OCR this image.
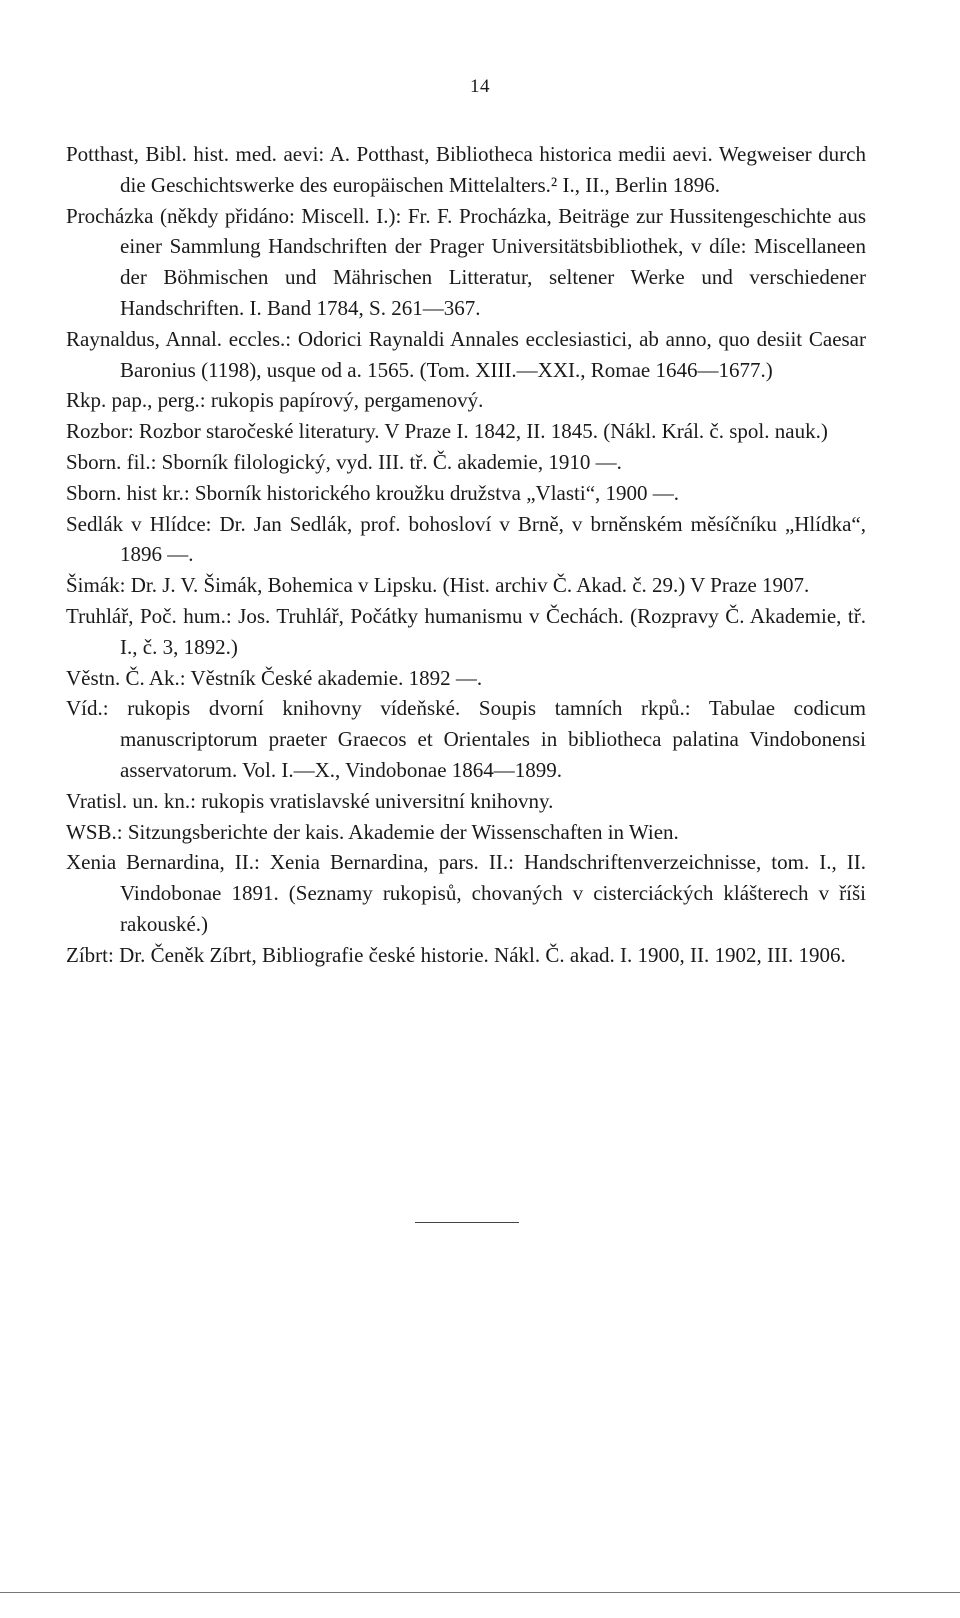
14
Potthast, Bibl. hist. med. aevi: A. Potthast, Bibliotheca historica medii aevi. Wegweiser durch die Geschichtswerke des europäischen Mittelalters.² I., II., Berlin 1896.
Procházka (někdy přidáno: Miscell. I.): Fr. F. Procházka, Beiträge zur Hussitengeschichte aus einer Sammlung Handschriften der Prager Universitätsbibliothek, v díle: Miscellaneen der Böhmischen und Mährischen Litteratur, seltener Werke und verschiedener Handschriften. I. Band 1784, S. 261—367.
Raynaldus, Annal. eccles.: Odorici Raynaldi Annales ecclesiastici, ab anno, quo desiit Caesar Baronius (1198), usque od a. 1565. (Tom. XIII.—XXI., Romae 1646—1677.)
Rkp. pap., perg.: rukopis papírový, pergamenový.
Rozbor: Rozbor staročeské literatury. V Praze I. 1842, II. 1845. (Nákl. Král. č. spol. nauk.)
Sborn. fil.: Sborník filologický, vyd. III. tř. Č. akademie, 1910 —.
Sborn. hist kr.: Sborník historického kroužku družstva „Vlasti“, 1900 —.
Sedlák v Hlídce: Dr. Jan Sedlák, prof. bohosloví v Brně, v brněnském měsíčníku „Hlídka“, 1896 —.
Šimák: Dr. J. V. Šimák, Bohemica v Lipsku. (Hist. archiv Č. Akad. č. 29.) V Praze 1907.
Truhlář, Poč. hum.: Jos. Truhlář, Počátky humanismu v Čechách. (Rozpravy Č. Akademie, tř. I., č. 3, 1892.)
Věstn. Č. Ak.: Věstník České akademie. 1892 —.
Víd.: rukopis dvorní knihovny vídeňské. Soupis tamních rkpů.: Tabulae codicum manuscriptorum praeter Graecos et Orientales in bibliotheca palatina Vindobonensi asservatorum. Vol. I.—X., Vindobonae 1864—1899.
Vratisl. un. kn.: rukopis vratislavské universitní knihovny.
WSB.: Sitzungsberichte der kais. Akademie der Wissenschaften in Wien.
Xenia Bernardina, II.: Xenia Bernardina, pars. II.: Handschriftenverzeichnisse, tom. I., II. Vindobonae 1891. (Seznamy rukopisů, chovaných v cisterciáckých klášterech v říši rakouské.)
Zíbrt: Dr. Čeněk Zíbrt, Bibliografie české historie. Nákl. Č. akad. I. 1900, II. 1902, III. 1906.
